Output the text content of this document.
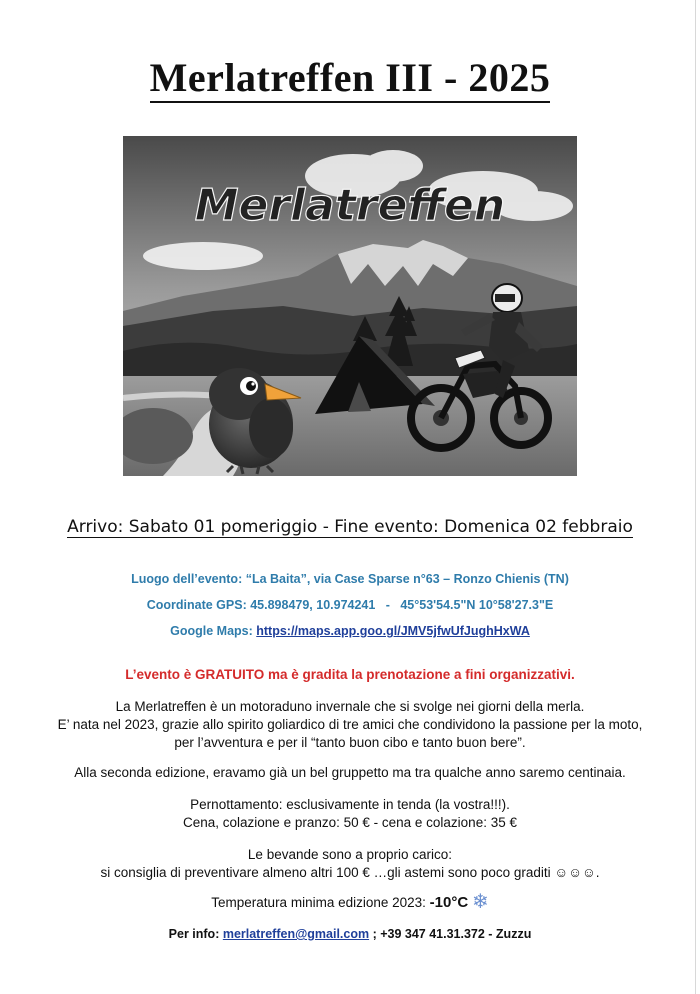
Merlatreffen III - 2025
Merlatreffen
Arrivo: Sabato 01 pomeriggio - Fine evento: Domenica 02 febbraio
Luogo dell’evento: “La Baita”, via Case Sparse n°63 – Ronzo Chienis (TN)
Coordinate GPS: 45.898479, 10.974241   -   45°53'54.5"N 10°58'27.3"E
Google Maps: https://maps.app.goo.gl/JMV5jfwUfJughHxWA
L’evento è GRATUITO ma è gradita la prenotazione a fini organizzativi.

La Merlatreffen è un motoraduno invernale che si svolge nei giorni della merla.

E’ nata nel 2023, grazie allo spirito goliardico di tre amici che condividono la passione per la moto,

per l’avventura e per il “tanto buon cibo e tanto buon bere”.

Alla seconda edizione, eravamo già un bel gruppetto ma tra qualche anno saremo centinaia.

Pernottamento: esclusivamente in tenda (la vostra!!!).

Cena, colazione e pranzo: 50 € - cena e colazione: 35 €

Le bevande sono a proprio carico:

si consiglia di preventivare almeno altri 100 € …gli astemi sono poco graditi ☺☺☺.

Temperatura minima edizione 2023: -10°C ❄
Per info: merlatreffen@gmail.com ; +39 347 41.31.372 - Zuzzu
